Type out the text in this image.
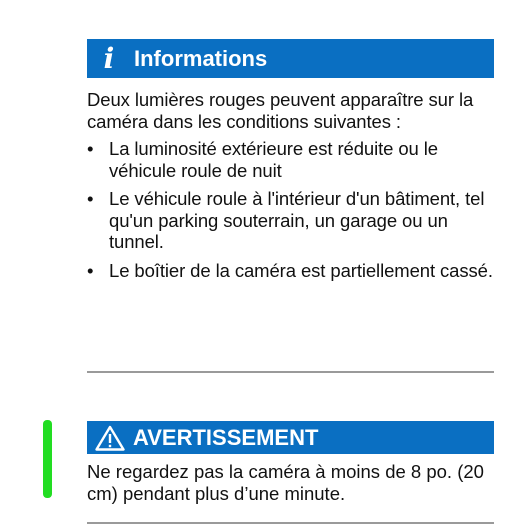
i Informations

Deux lumières rouges peuvent apparaître sur la caméra dans les conditions suivantes :

• La luminosité extérieure est réduite ou le véhicule roule de nuit
• Le véhicule roule à l'intérieur d'un bâtiment, tel qu'un parking souterrain, un garage ou un tunnel.
• Le boîtier de la caméra est partiellement cassé.
AVERTISSEMENT
Ne regardez pas la caméra à moins de 8 po. (20 cm) pendant plus d’une minute.
